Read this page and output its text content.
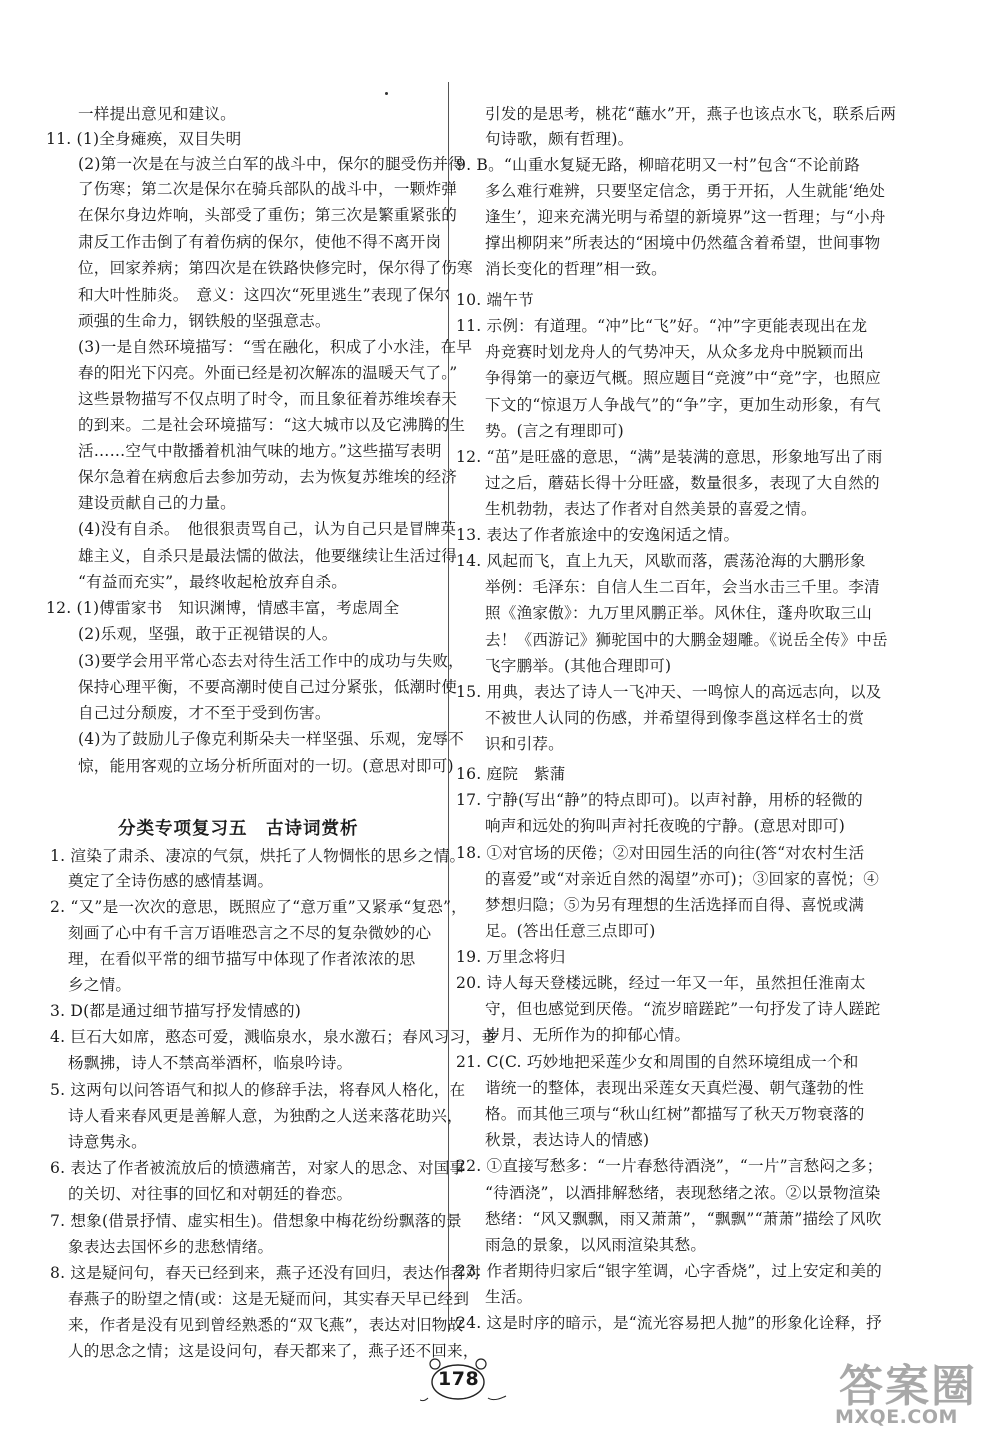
一样提出意见和建议。
11. (1)全身瘫痪，双目失明
(2)第一次是在与波兰白军的战斗中，保尔的腿受伤并得
了伤寒；第二次是保尔在骑兵部队的战斗中，一颗炸弹
在保尔身边炸响，头部受了重伤；第三次是繁重紧张的
肃反工作击倒了有着伤病的保尔，使他不得不离开岗
位，回家养病；第四次是在铁路快修完时，保尔得了伤寒
和大叶性肺炎。　意义：这四次“死里逃生”表现了保尔
顽强的生命力，钢铁般的坚强意志。
(3)一是自然环境描写：“雪在融化，积成了小水洼，在早
春的阳光下闪亮。外面已经是初次解冻的温暖天气了。”
这些景物描写不仅点明了时令，而且象征着苏维埃春天
的到来。二是社会环境描写：“这大城市以及它沸腾的生
活……空气中散播着机油气味的地方。”这些描写表明
保尔急着在病愈后去参加劳动，去为恢复苏维埃的经济
建设贡献自己的力量。
(4)没有自杀。　他很狠责骂自己，认为自己只是冒牌英
雄主义，自杀只是最法懦的做法，他要继续让生活过得
“有益而充实”，最终收起枪放弃自杀。
12. (1)傅雷家书　知识渊博，情感丰富，考虑周全
(2)乐观，坚强，敢于正视错误的人。
(3)要学会用平常心态去对待生活工作中的成功与失败，
保持心理平衡，不要高潮时使自己过分紧张，低潮时使
自己过分颓废，才不至于受到伤害。
(4)为了鼓励儿子像克利斯朵夫一样坚强、乐观，宠辱不
惊，能用客观的立场分析所面对的一切。(意思对即可)
分类专项复习五　古诗词赏析
1. 渲染了肃杀、凄凉的气氛，烘托了人物惆怅的思乡之情。
奠定了全诗伤感的感情基调。
2. “又”是一次次的意思，既照应了“意万重”又紧承“复恐”，
刻画了心中有千言万语唯恐言之不尽的复杂微妙的心
理，在看似平常的细节描写中体现了作者浓浓的思
乡之情。
3. D(都是通过细节描写抒发情感的)
4. 巨石大如席，憨态可爱，溅临泉水，泉水激石；春风习习，垂
杨飘拂，诗人不禁高举酒杯，临泉吟诗。
5. 这两句以问答语气和拟人的修辞手法，将春风人格化，在
诗人看来春风更是善解人意，为独酌之人送来落花助兴，
诗意隽永。
6. 表达了作者被流放后的愤懑痛苦，对家人的思念、对国事
的关切、对往事的回忆和对朝廷的眷恋。
7. 想象(借景抒情、虚实相生)。借想象中梅花纷纷飘落的景
象表达去国怀乡的悲愁情绪。
8. 这是疑问句，春天已经到来，燕子还没有回归，表达作者对
春燕子的盼望之情(或：这是无疑而问，其实春天早已经到
来，作者是没有见到曾经熟悉的“双飞燕”，表达对旧物故
人的思念之情；这是设问句，春天都来了，燕子还不回来，
引发的是思考，桃花“蘸水”开，燕子也该点水飞，联系后两
句诗歌，颇有哲理)。
9. B。“山重水复疑无路，柳暗花明又一村”包含“不论前路
多么难行难辨，只要坚定信念，勇于开拓，人生就能‘绝处
逢生’，迎来充满光明与希望的新境界”这一哲理；与“小舟
撑出柳阴来”所表达的“困境中仍然蕴含着希望，世间事物
消长变化的哲理”相一致。
10. 端午节
11. 示例：有道理。“冲”比“飞”好。“冲”字更能表现出在龙
舟竞赛时划龙舟人的气势冲天，从众多龙舟中脱颖而出
争得第一的豪迈气概。照应题目“竞渡”中“竞”字，也照应
下文的“惊退万人争战气”的“争”字，更加生动形象，有气
势。(言之有理即可)
12. “茁”是旺盛的意思，“满”是装满的意思，形象地写出了雨
过之后，蘑菇长得十分旺盛，数量很多，表现了大自然的
生机勃勃，表达了作者对自然美景的喜爱之情。
13. 表达了作者旅途中的安逸闲适之情。
14. 风起而飞，直上九天，风歇而落，震荡沧海的大鹏形象
举例：毛泽东：自信人生二百年，会当水击三千里。李清
照《渔家傲》：九万里风鹏正举。风休住，蓬舟吹取三山
去！《西游记》狮驼国中的大鹏金翅雕。《说岳全传》中岳
飞字鹏举。(其他合理即可)
15. 用典，表达了诗人一飞冲天、一鸣惊人的高远志向，以及
不被世人认同的伤感，并希望得到像李邕这样名士的赏
识和引荐。
16. 庭院　紫蒲
17. 宁静(写出“静”的特点即可)。以声衬静，用桥的轻微的
响声和远处的狗叫声衬托夜晚的宁静。(意思对即可)
18. ①对官场的厌倦；②对田园生活的向往(答“对农村生活
的喜爱”或“对亲近自然的渴望”亦可)；③回家的喜悦；④
梦想归隐；⑤为另有理想的生活选择而自得、喜悦或满
足。(答出任意三点即可)
19. 万里念将归
20. 诗人每天登楼远眺，经过一年又一年，虽然担任淮南太
守，但也感觉到厌倦。“流岁暗蹉跎”一句抒发了诗人蹉跎
岁月、无所作为的抑郁心情。
21. C(C. 巧妙地把采莲少女和周围的自然环境组成一个和
谐统一的整体，表现出采莲女天真烂漫、朝气蓬勃的性
格。而其他三项与“秋山红树”都描写了秋天万物衰落的
秋景，表达诗人的情感)
22. ①直接写愁多：“一片春愁待酒浇”，“一片”言愁闷之多；
“待酒浇”，以酒排解愁绪，表现愁绪之浓。②以景物渲染
愁绪：“风又飘飘，雨又萧萧”，“飘飘”“萧萧”描绘了风吹
雨急的景象，以风雨渲染其愁。
23. 作者期待归家后“银字笙调，心字香烧”，过上安定和美的
生活。
24. 这是时序的暗示，是“流光容易把人抛”的形象化诠释，抒
178	答案圈
MXQE.COM
